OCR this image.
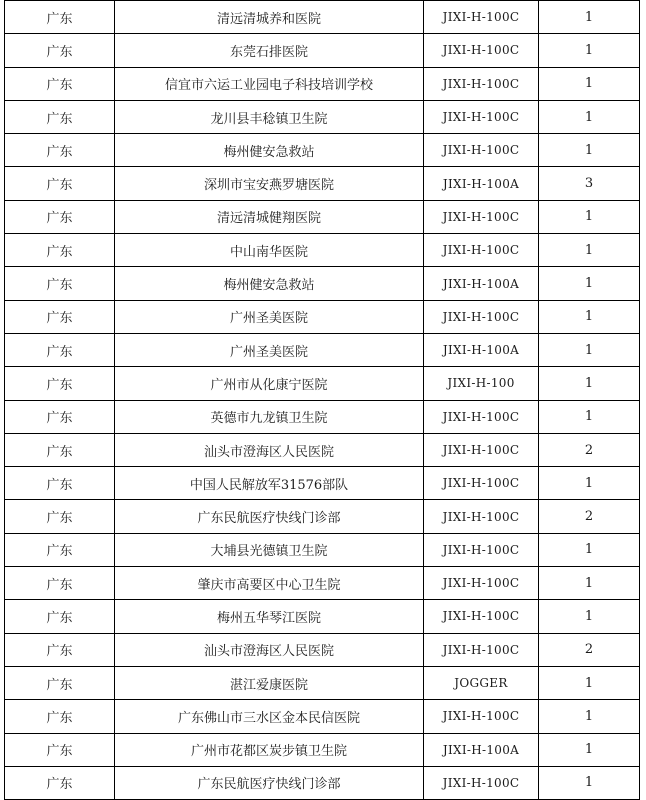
广东	清远清城养和医院	JIXI-H-100C	1
广东	东莞石排医院	JIXI-H-100C	1
广东	信宜市六运工业园电子科技培训学校	JIXI-H-100C	1
广东	龙川县丰稔镇卫生院	JIXI-H-100C	1
广东	梅州健安急救站	JIXI-H-100C	1
广东	深圳市宝安燕罗塘医院	JIXI-H-100A	3
广东	清远清城健翔医院	JIXI-H-100C	1
广东	中山南华医院	JIXI-H-100C	1
广东	梅州健安急救站	JIXI-H-100A	1
广东	广州圣美医院	JIXI-H-100C	1
广东	广州圣美医院	JIXI-H-100A	1
广东	广州市从化康宁医院	JIXI-H-100	1
广东	英德市九龙镇卫生院	JIXI-H-100C	1
广东	汕头市澄海区人民医院	JIXI-H-100C	2
广东	中国人民解放军31576部队	JIXI-H-100C	1
广东	广东民航医疗快线门诊部	JIXI-H-100C	2
广东	大埔县光德镇卫生院	JIXI-H-100C	1
广东	肇庆市高要区中心卫生院	JIXI-H-100C	1
广东	梅州五华琴江医院	JIXI-H-100C	1
广东	汕头市澄海区人民医院	JIXI-H-100C	2
广东	湛江爱康医院	JOGGER	1
广东	广东佛山市三水区金本民信医院	JIXI-H-100C	1
广东	广州市花都区炭步镇卫生院	JIXI-H-100A	1
广东	广东民航医疗快线门诊部	JIXI-H-100C	1
